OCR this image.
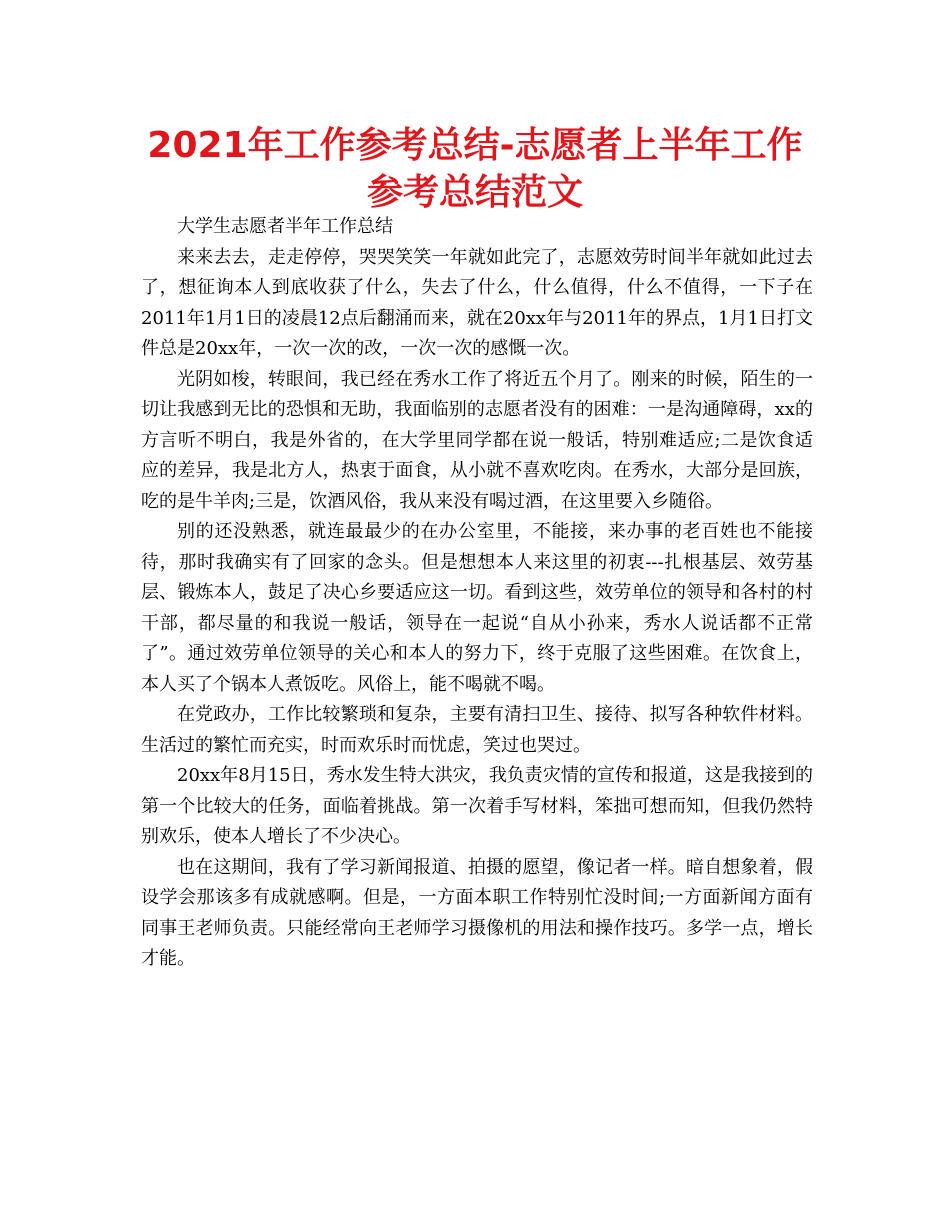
2021年工作参考总结-志愿者上半年工作参考总结范文

大学生志愿者半年工作总结

来来去去，走走停停，哭哭笑笑一年就如此完了，志愿效劳时间半年就如此过去了，想征询本人到底收获了什么，失去了什么，什么值得，什么不值得，一下子在2011年1月1日的凌晨12点后翻涌而来，就在20xx年与2011年的界点，1月1日打文件总是20xx年，一次一次的改，一次一次的感慨一次。

光阴如梭，转眼间，我已经在秀水工作了将近五个月了。刚来的时候，陌生的一切让我感到无比的恐惧和无助，我面临别的志愿者没有的困难：一是沟通障碍，xx的方言听不明白，我是外省的，在大学里同学都在说一般话，特别难适应;二是饮食适应的差异，我是北方人，热衷于面食，从小就不喜欢吃肉。在秀水，大部分是回族，吃的是牛羊肉;三是，饮酒风俗，我从来没有喝过酒，在这里要入乡随俗。

别的还没熟悉，就连最最少的在办公室里，不能接，来办事的老百姓也不能接待，那时我确实有了回家的念头。但是想想本人来这里的初衷---扎根基层、效劳基层、锻炼本人，鼓足了决心乡要适应这一切。看到这些，效劳单位的领导和各村的村干部，都尽量的和我说一般话，领导在一起说“自从小孙来，秀水人说话都不正常了”。通过效劳单位领导的关心和本人的努力下，终于克服了这些困难。在饮食上，本人买了个锅本人煮饭吃。风俗上，能不喝就不喝。

在党政办，工作比较繁琐和复杂，主要有清扫卫生、接待、拟写各种软件材料。生活过的繁忙而充实，时而欢乐时而忧虑，笑过也哭过。

20xx年8月15日，秀水发生特大洪灾，我负责灾情的宣传和报道，这是我接到的第一个比较大的任务，面临着挑战。第一次着手写材料，笨拙可想而知，但我仍然特别欢乐，使本人增长了不少决心。

也在这期间，我有了学习新闻报道、拍摄的愿望，像记者一样。暗自想象着，假设学会那该多有成就感啊。但是，一方面本职工作特别忙没时间;一方面新闻方面有同事王老师负责。只能经常向王老师学习摄像机的用法和操作技巧。多学一点，增长才能。
